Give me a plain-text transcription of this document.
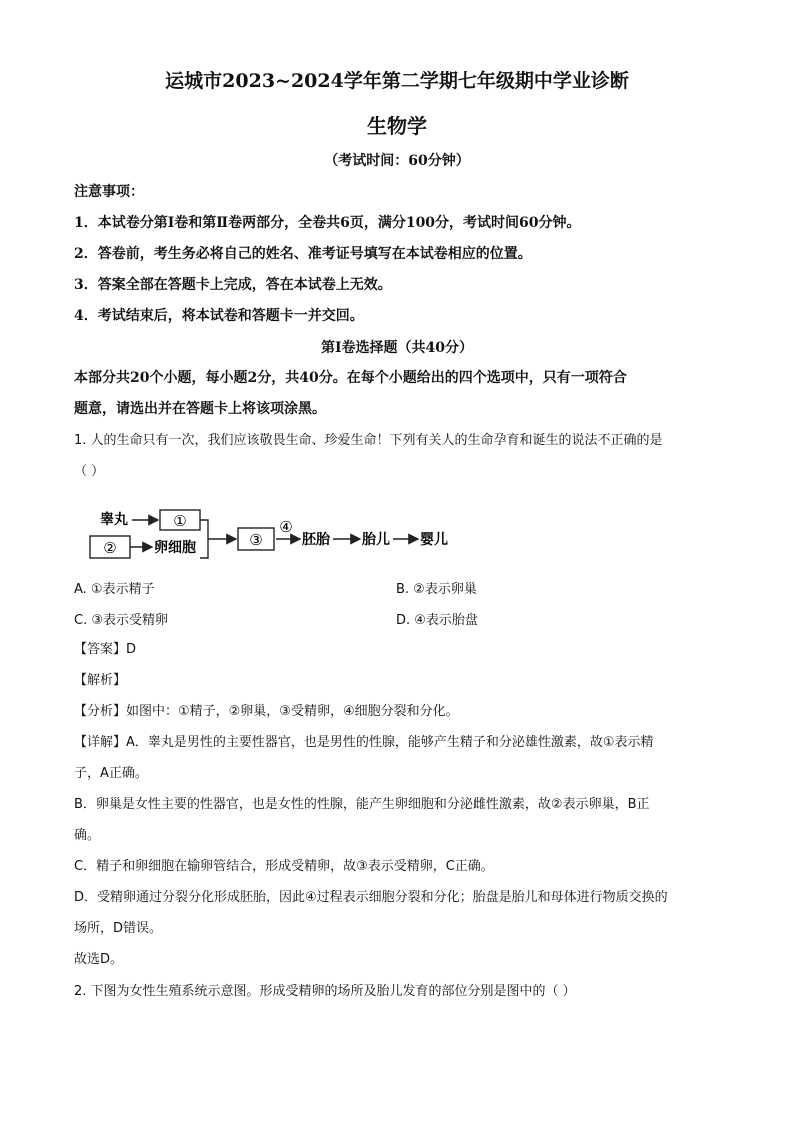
运城市2023~2024学年第二学期七年级期中学业诊断
生物学
（考试时间：60分钟）
注意事项：
1．本试卷分第Ⅰ卷和第Ⅱ卷两部分，全卷共6页，满分100分，考试时间60分钟。
2．答卷前，考生务必将自己的姓名、准考证号填写在本试卷相应的位置。
3．答案全部在答题卡上完成，答在本试卷上无效。
4．考试结束后，将本试卷和答题卡一并交回。
第Ⅰ卷选择题（共40分）
本部分共20个小题，每小题2分，共40分。在每个小题给出的四个选项中，只有一项符合
题意，请选出并在答题卡上将该项涂黑。
1. 人的生命只有一次，我们应该敬畏生命、珍爱生命！下列有关人的生命孕育和诞生的说法不正确的是
（ ）
睾丸	①
②	卵细胞	③
④
胚胎 胎儿 婴儿
A. ①表示精子	B. ②表示卵巢
C. ③表示受精卵	D. ④表示胎盘
【答案】D
【解析】
【分析】如图中：①精子，②卵巢，③受精卵，④细胞分裂和分化。
【详解】A．睾丸是男性的主要性器官，也是男性的性腺，能够产生精子和分泌雄性激素，故①表示精
子，A正确。
B．卵巢是女性主要的性器官，也是女性的性腺，能产生卵细胞和分泌雌性激素，故②表示卵巢，B正
确。
C．精子和卵细胞在输卵管结合，形成受精卵，故③表示受精卵，C正确。
D．受精卵通过分裂分化形成胚胎，因此④过程表示细胞分裂和分化；胎盘是胎儿和母体进行物质交换的
场所，D错误。
故选D。
2. 下图为女性生殖系统示意图。形成受精卵的场所及胎儿发育的部位分别是图中的（ ）
